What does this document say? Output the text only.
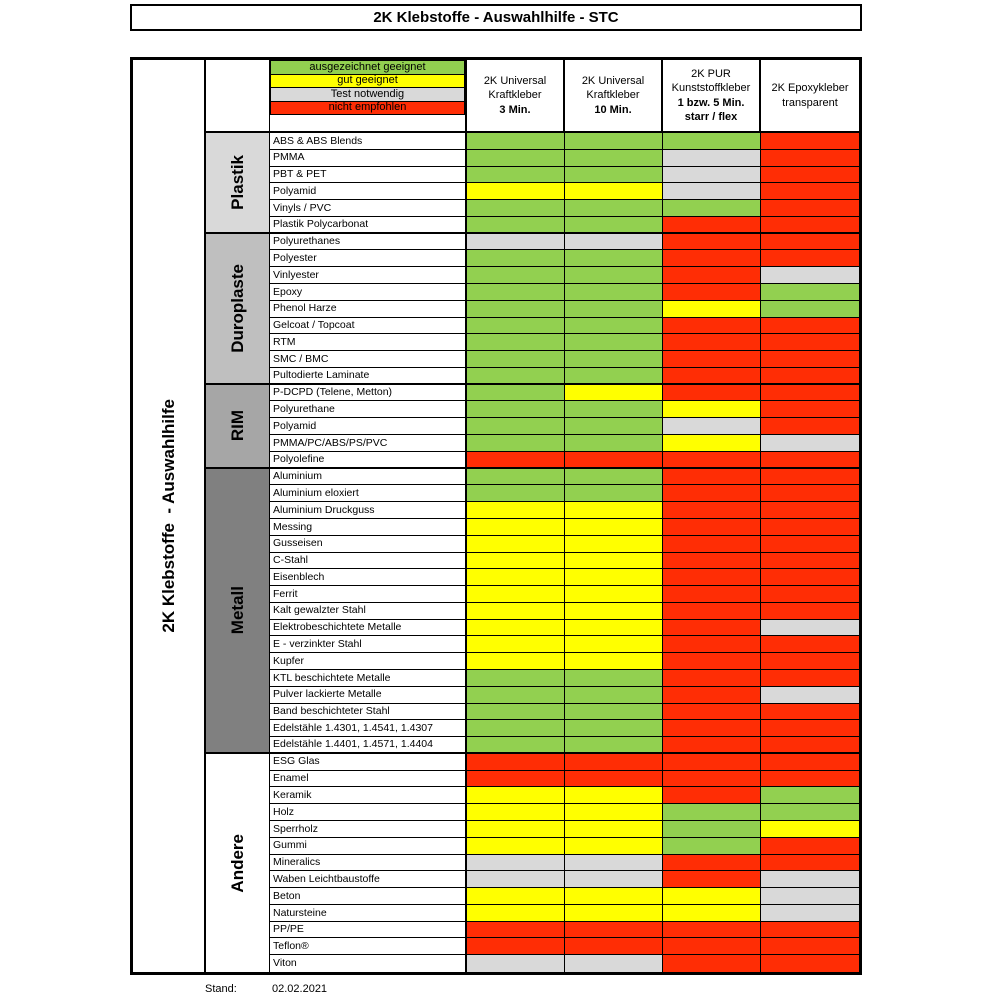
2K Klebstoffe - Auswahlhilfe - STC
2K Klebstoffe  - Auswahlhilfe
ausgezeichnet geeignet
gut geeignet
Test notwendig
nicht empfohlen
2K Universal
Kraftkleber
3 Min.
2K Universal
Kraftkleber
10 Min.
2K PUR
Kunststoffkleber
1 bzw. 5 Min.
starr / flex
2K Epoxykleber
transparent
Plastik
ABS & ABS Blends
PMMA
PBT & PET
Polyamid
Vinyls / PVC
Plastik Polycarbonat
Duroplaste
Polyurethanes
Polyester
Vinlyester
Epoxy
Phenol Harze
Gelcoat / Topcoat
RTM
SMC / BMC
Pultodierte Laminate
RIM
P-DCPD (Telene, Metton)
Polyurethane
Polyamid
PMMA/PC/ABS/PS/PVC
Polyolefine
Metall
Aluminium
Aluminium eloxiert
Aluminium Druckguss
Messing
Gusseisen
C-Stahl
Eisenblech
Ferrit
Kalt gewalzter Stahl
Elektrobeschichtete Metalle
E - verzinkter Stahl
Kupfer
KTL beschichtete Metalle
Pulver lackierte Metalle
Band beschichteter Stahl
Edelstähle 1.4301, 1.4541, 1.4307
Edelstähle 1.4401, 1.4571, 1.4404
Andere
ESG Glas
Enamel
Keramik
Holz
Sperrholz
Gummi
Mineralics
Waben Leichtbaustoffe
Beton
Natursteine
PP/PE
Teflon®
Viton
Stand:	02.02.2021
